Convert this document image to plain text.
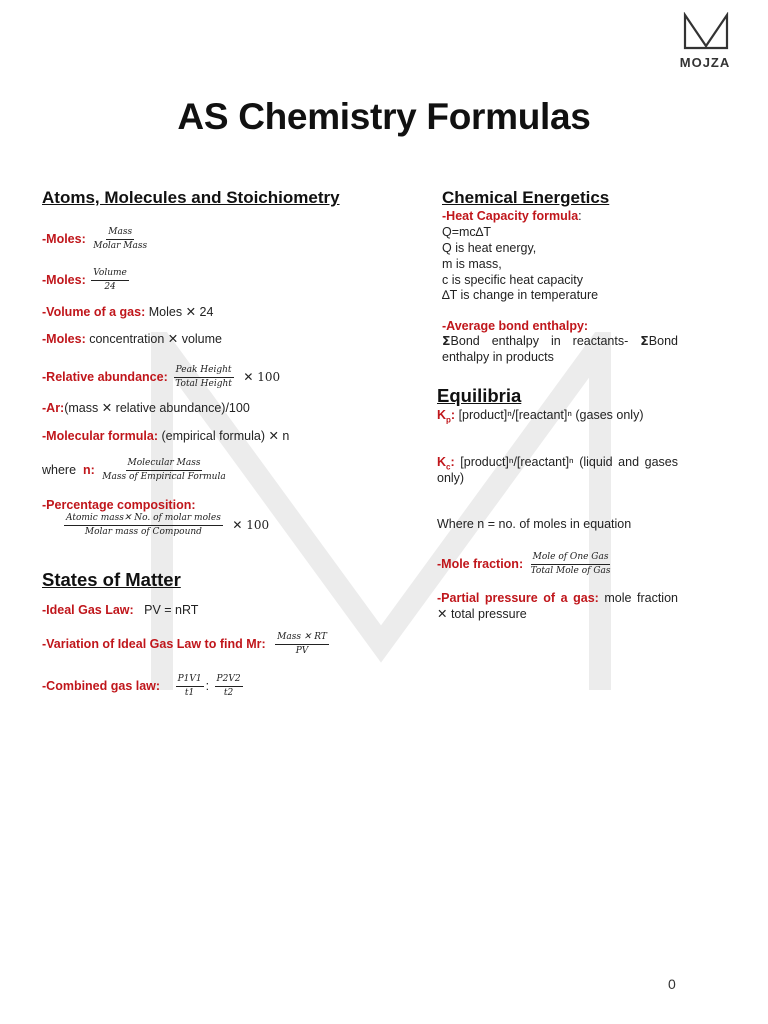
MOJZA
AS Chemistry Formulas
Atoms, Molecules and Stoichiometry
-Moles: $\frac{\text{Mass}}{\text{Molar Mass}}$
-Moles: $\frac{\text{Volume}}{24}$
-Volume of a gas: Moles ✕ 24
-Moles: concentration ✕ volume
-Relative abundance: $\frac{\text{Peak Height}}{\text{Total Height}}$ ✕ 100
-Ar:(mass ✕ relative abundance)/100
-Molecular formula: (empirical formula) ✕ n
where n: $\frac{\text{Molecular Mass}}{\text{Mass of Empirical Formula}}$
-Percentage composition:
$\frac{\text{Atomic mass✕ No. of molar moles}}{\text{Molar mass of Compound}}$ ✕ 100
States of Matter
-Ideal Gas Law: PV = nRT
-Variation of Ideal Gas Law to find Mr: $\frac{\text{Mass ✕ RT}}{PV}$
-Combined gas law: $\frac{P1V1}{t1}$ : $\frac{P2V2}{t2}$
Chemical Energetics
-Heat Capacity formula:
Q=mc∆T
Q is heat energy,
m is mass,
c is specific heat capacity
∆T is change in temperature
-Average bond enthalpy:
𝝨Bond enthalpy in reactants- 𝝨Bond enthalpy in products
Equilibria
$K_p$: [product]ⁿ/[reactant]ⁿ (gases only)
$K_c$: [product]ⁿ/[reactant]ⁿ (liquid and gases only)
Where n = no. of moles in equation
-Mole fraction: $\frac{\text{Mole of One Gas}}{\text{Total Mole of Gas}}$
-Partial pressure of a gas: mole fraction ✕ total pressure
0
